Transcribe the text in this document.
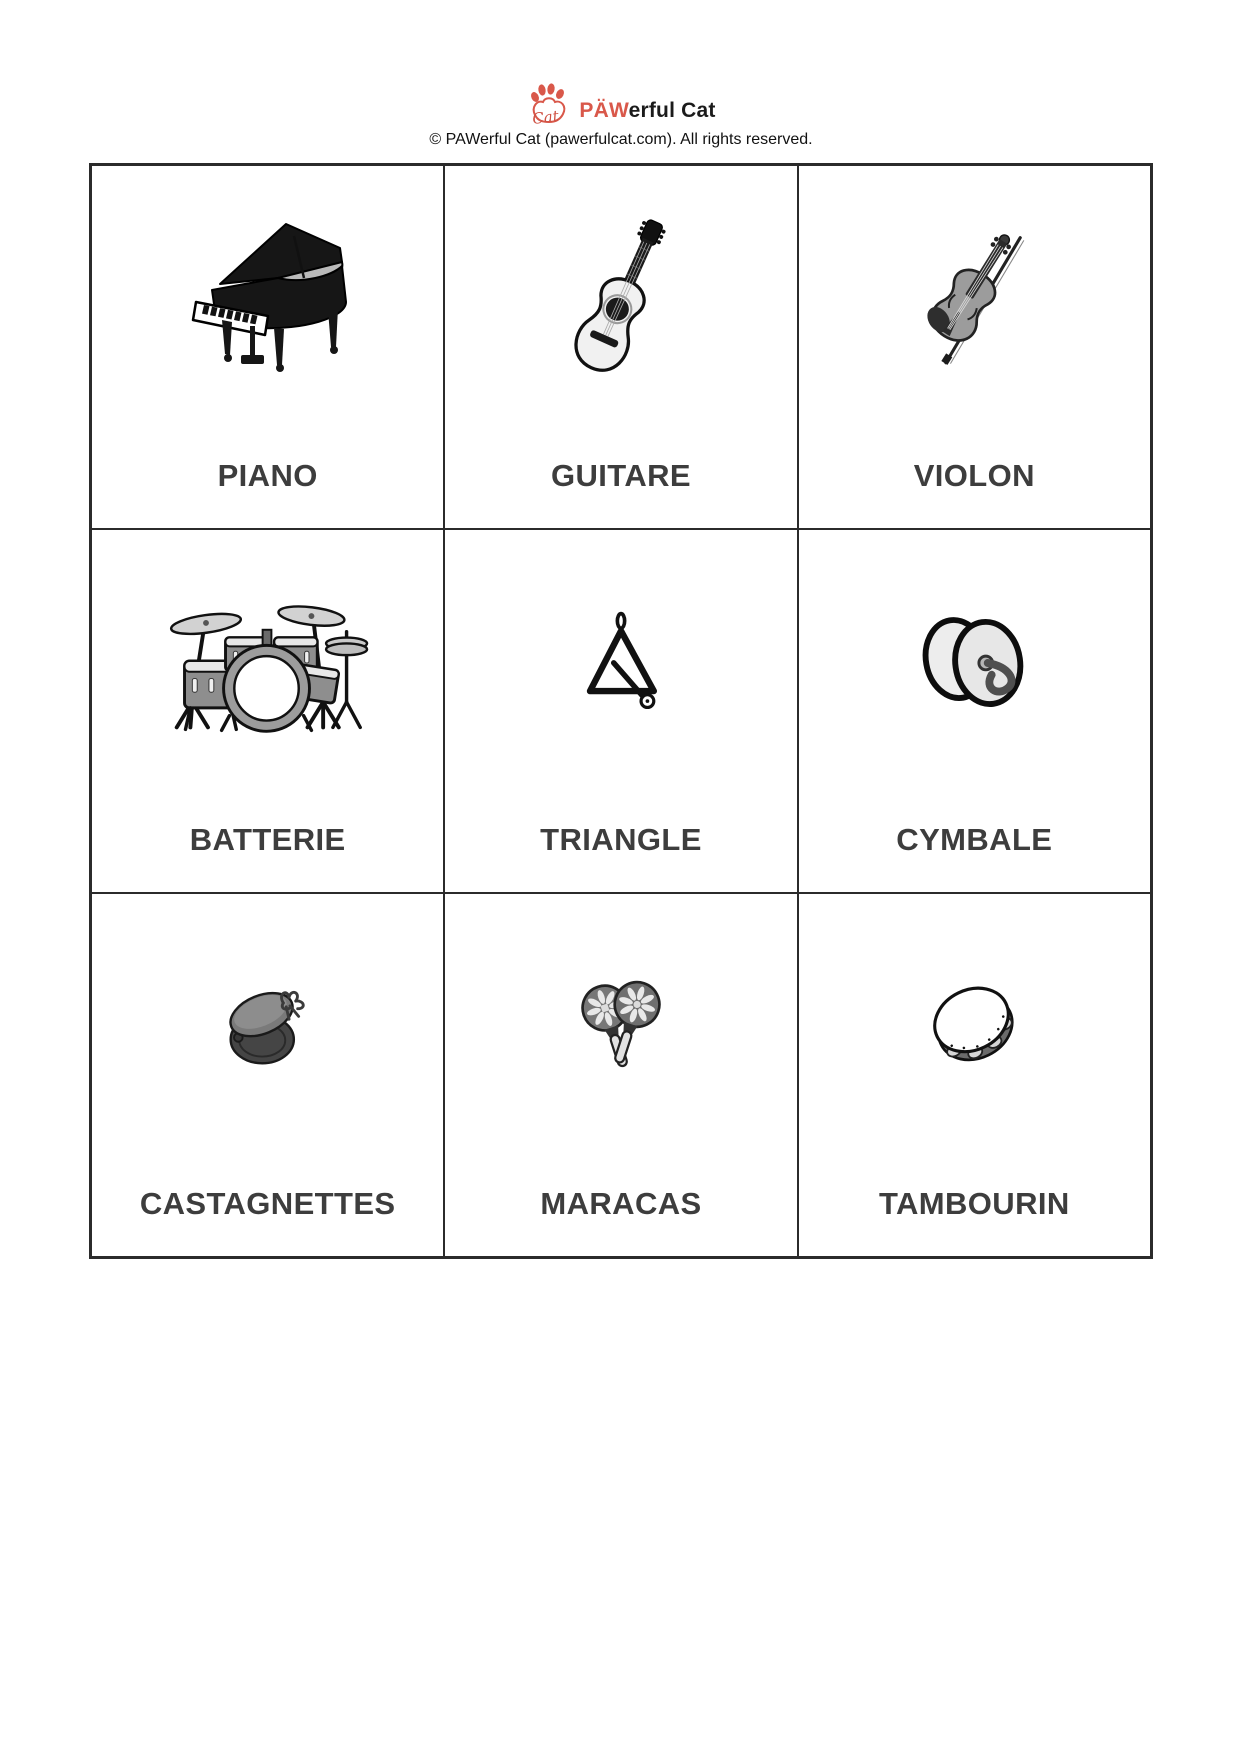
Cat PÄWerful Cat
© PAWerful Cat (pawerfulcat.com). All rights reserved.
PIANO	GUITARE	VIOLON
BATTERIE	TRIANGLE	CYMBALE
CASTAGNETTES	MARACAS	TAMBOURIN
